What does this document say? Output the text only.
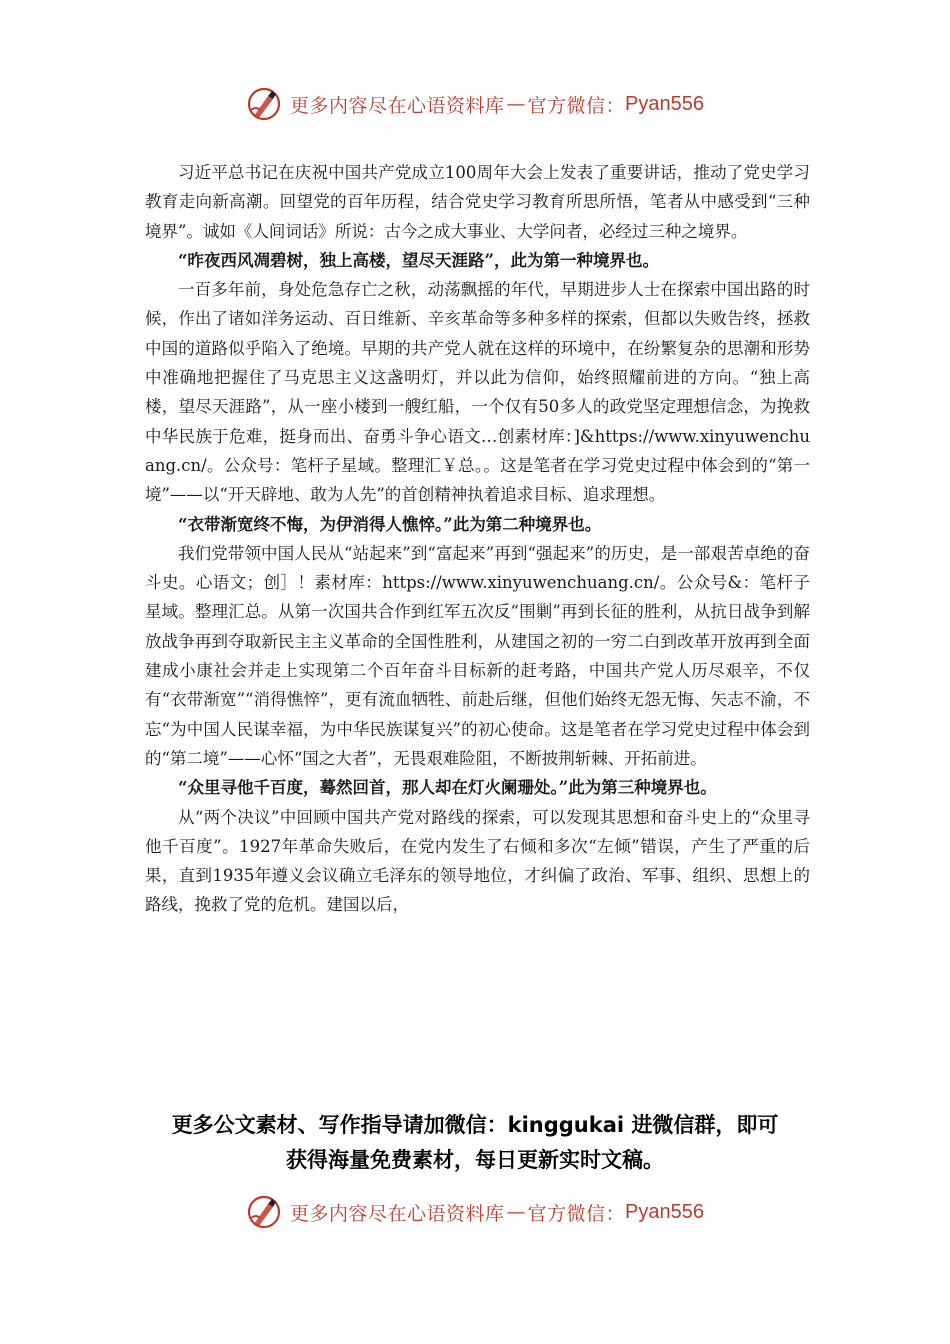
更多内容尽在心语资料库 — 官方微信： Pyan556

习近平总书记在庆祝中国共产党成立100周年大会上发表了重要讲话，推动了党史学习教育走向新高潮。回望党的百年历程，结合党史学习教育所思所悟，笔者从中感受到“三种境界”。诚如《人间词话》所说：古今之成大事业、大学问者，必经过三种之境界。

“昨夜西风凋碧树，独上高楼，望尽天涯路”，此为第一种境界也。

一百多年前，身处危急存亡之秋，动荡飘摇的年代，早期进步人士在探索中国出路的时候，作出了诸如洋务运动、百日维新、辛亥革命等多种多样的探索，但都以失败告终，拯救中国的道路似乎陷入了绝境。早期的共产党人就在这样的环境中，在纷繁复杂的思潮和形势中准确地把握住了马克思主义这盏明灯，并以此为信仰，始终照耀前进的方向。“独上高楼，望尽天涯路”，从一座小楼到一艘红船，一个仅有50多人的政党坚定理想信念，为挽救中华民族于危难，挺身而出、奋勇斗争心语文…创素材库：]&https://www.xinyuwenchuang.cn/。公众号：笔杆子星域。整理汇￥总。。这是笔者在学习党史过程中体会到的“第一境”——以“开天辟地、敢为人先”的首创精神执着追求目标、追求理想。

“衣带渐宽终不悔，为伊消得人憔悴。”此为第二种境界也。

我们党带领中国人民从“站起来”到“富起来”再到“强起来”的历史，是一部艰苦卓绝的奋斗史。心语文；创］！素材库：https://www.xinyuwenchuang.cn/。公众号&：笔杆子星域。整理汇总。从第一次国共合作到红军五次反“围剿”再到长征的胜利，从抗日战争到解放战争再到夺取新民主主义革命的全国性胜利，从建国之初的一穷二白到改革开放再到全面建成小康社会并走上实现第二个百年奋斗目标新的赶考路，中国共产党人历尽艰辛，不仅有“衣带渐宽”“消得憔悴”，更有流血牺牲、前赴后继，但他们始终无怨无悔、矢志不渝，不忘“为中国人民谋幸福，为中华民族谋复兴”的初心使命。这是笔者在学习党史过程中体会到的“第二境”——心怀“国之大者”，无畏艰难险阻，不断披荆斩棘、开拓前进。

“众里寻他千百度，蓦然回首，那人却在灯火阑珊处。”此为第三种境界也。

从“两个决议”中回顾中国共产党对路线的探索，可以发现其思想和奋斗史上的“众里寻他千百度”。1927年革命失败后，在党内发生了右倾和多次“左倾”错误，产生了严重的后果，直到1935年遵义会议确立毛泽东的领导地位，才纠偏了政治、军事、组织、思想上的路线，挽救了党的危机。建国以后，

更多公文素材、写作指导请加微信：kinggukai 进微信群，即可
获得海量免费素材，每日更新实时文稿。
更多内容尽在心语资料库 — 官方微信： Pyan556
